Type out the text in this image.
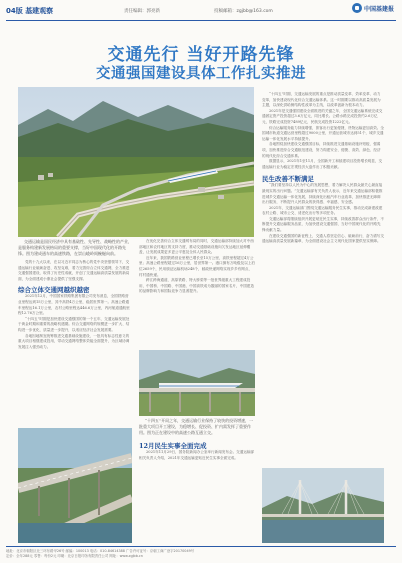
04版 基建观察	责任编辑：郭亮新	投稿邮箱：zgjbb@163.com	中国基建报
交通先行 当好开路先锋
交通强国建设具体工作扎实推进

交通运输是国民经济中具有基础性、先导性、战略性的产业，是服务构建新发展格局的重要支撑，当好中国现代化的开路先锋。图为建成通车的高速铁路，在崇山峻岭间蜿蜒向前。

党的十九大以来，在以习近平同志为核心的党中央坚强领导下，交通运输行业砥砺奋进、攻坚克难，着力完善综合立体交通网，全力推进交通强国建设，取得了历史性成就，开创了交通运输高质量发展的新局面，为全面建成小康社会提供了坚强支撑。

综合立体交通网越织越密

2021年12月，中国国家铁路集团有限公司发布消息，全国铁路营业里程达到15万公里，其中高铁4万公里，稳居世界第一。高速公路通车里程达16.1万公里，农村公路里程达446.6万公里，内河航道通航里程12.76万公里。

“十四五”时期是加快建设交通强国的第一个五年，交通运输发展处于黄金时期和重要的战略机遇期。综合交通网络的规模进一步扩大、结构进一步优化、质量进一步提升，以适应经济社会发展需要。

各地因地制宜统筹推进交通基础设施建设，一批具有标志性意义的重大项目相继建成投用，带动交通网络整体效能全面提升，为区域协调发展注入强劲动力。

在优化完善综合立体交通网布局的同时，交通运输部持续加大对中西部地区和农村地区的支持力度，推动交通基础设施向欠发达地区延伸覆盖，让发展成果更多更公平惠及全体人民群众。

近年来，我国铁路营业里程已增长至15万公里，高铁里程超过4万公里；高速公路里程超过16万公里，居世界第一。港口拥有万吨级及以上泊位2659个，民用颁证运输机场248个，邮政快递网络实现乡乡有网点、村村通快递。

跨江跨海通道、高原铁路、特大桥梁等一批世界级重大工程建成投用，中国桥、中国路、中国港、中国高铁成为靓丽的国家名片，中国建造的品牌影响力和国际竞争力显著提升。

“十四五”开局之年，交通运输行业保持了较快的投资增速，一批重大项目开工建设，为稳增长、促投资、扩内需发挥了重要作用。图为正在建设中的高速公路互通立交。

12月民生实事全面完成

2021年11月29日，国务院新闻办公室举行新闻发布会。交通运输部相关负责人介绍，2021年交通运输更贴近民生实事全面完成。

“十四五”时期，交通运输发展的重点是推动质量变革、效率变革、动力变革，加快建设现代化综合交通运输体系。这一时期要以推动高质量发展为主题，以深化供给侧结构性改革为主线，以改革创新为根本动力。

2021年是交通强国建设全面推进的关键之年，全国交通运输系统完成交通固定资产投资超过3.6万亿元，同比增长。公路水路完成投资约2.6万亿元，铁路完成投资7489亿元，民航完成投资1222亿元。

综合运输服务能力持续增强，旅客出行更加便捷，货物运输更加高效。全国城市轨道交通运营里程超过9000公里，开通运营城市达到51个，城乡交通运输一体化发展水平持续提升。

各地围绕加快建设交通强国目标，持续推进交通基础设施补短板、强弱项，加快推进综合交通枢纽建设，努力构建安全、便捷、高效、绿色、经济的现代化综合交通体系。

数据显示，2021年1至11月，全国新开工和续建项目投资增长明显，交通运输行业为稳定宏观经济大盘作出了积极贡献。

民生改善不断满足

“我们要坚持以人民为中心的发展思想，着力解决人民群众最关心最直接最现实的出行问题。”交通运输部有关负责人表示，近年来交通运输部积极推进城乡交通运输一体化发展，持续深化出租汽车行业改革，加快推进无障碍出行服务，不断提升人民群众的获得感、幸福感、安全感。

2021年，交通运输部门围绕交通运输服务民生实事，推动完成新建改建农村公路、城市公交、适老化出行等多项任务。

交通运输部将继续组织开展更贴近民生实事，持续改善群众出行条件，不断提升交通运输服务品质，为加快建设交通强国、当好中国现代化的开路先锋贡献力量。

在建设交通强国的新征程上，交通人将坚定信心、砥砺前行，奋力谱写交通运输高质量发展新篇章，为全面建设社会主义现代化国家提供坚实保障。

地址：北京市朝阳区北三环东路甲26号 邮编：100013 电话：010-84614388 广告许可证号：京朝工商广登字20170049号
定价：全年288元 零售：每份2元 印刷：北京日报印务有限责任公司 网址：www.zgjbb.cn
